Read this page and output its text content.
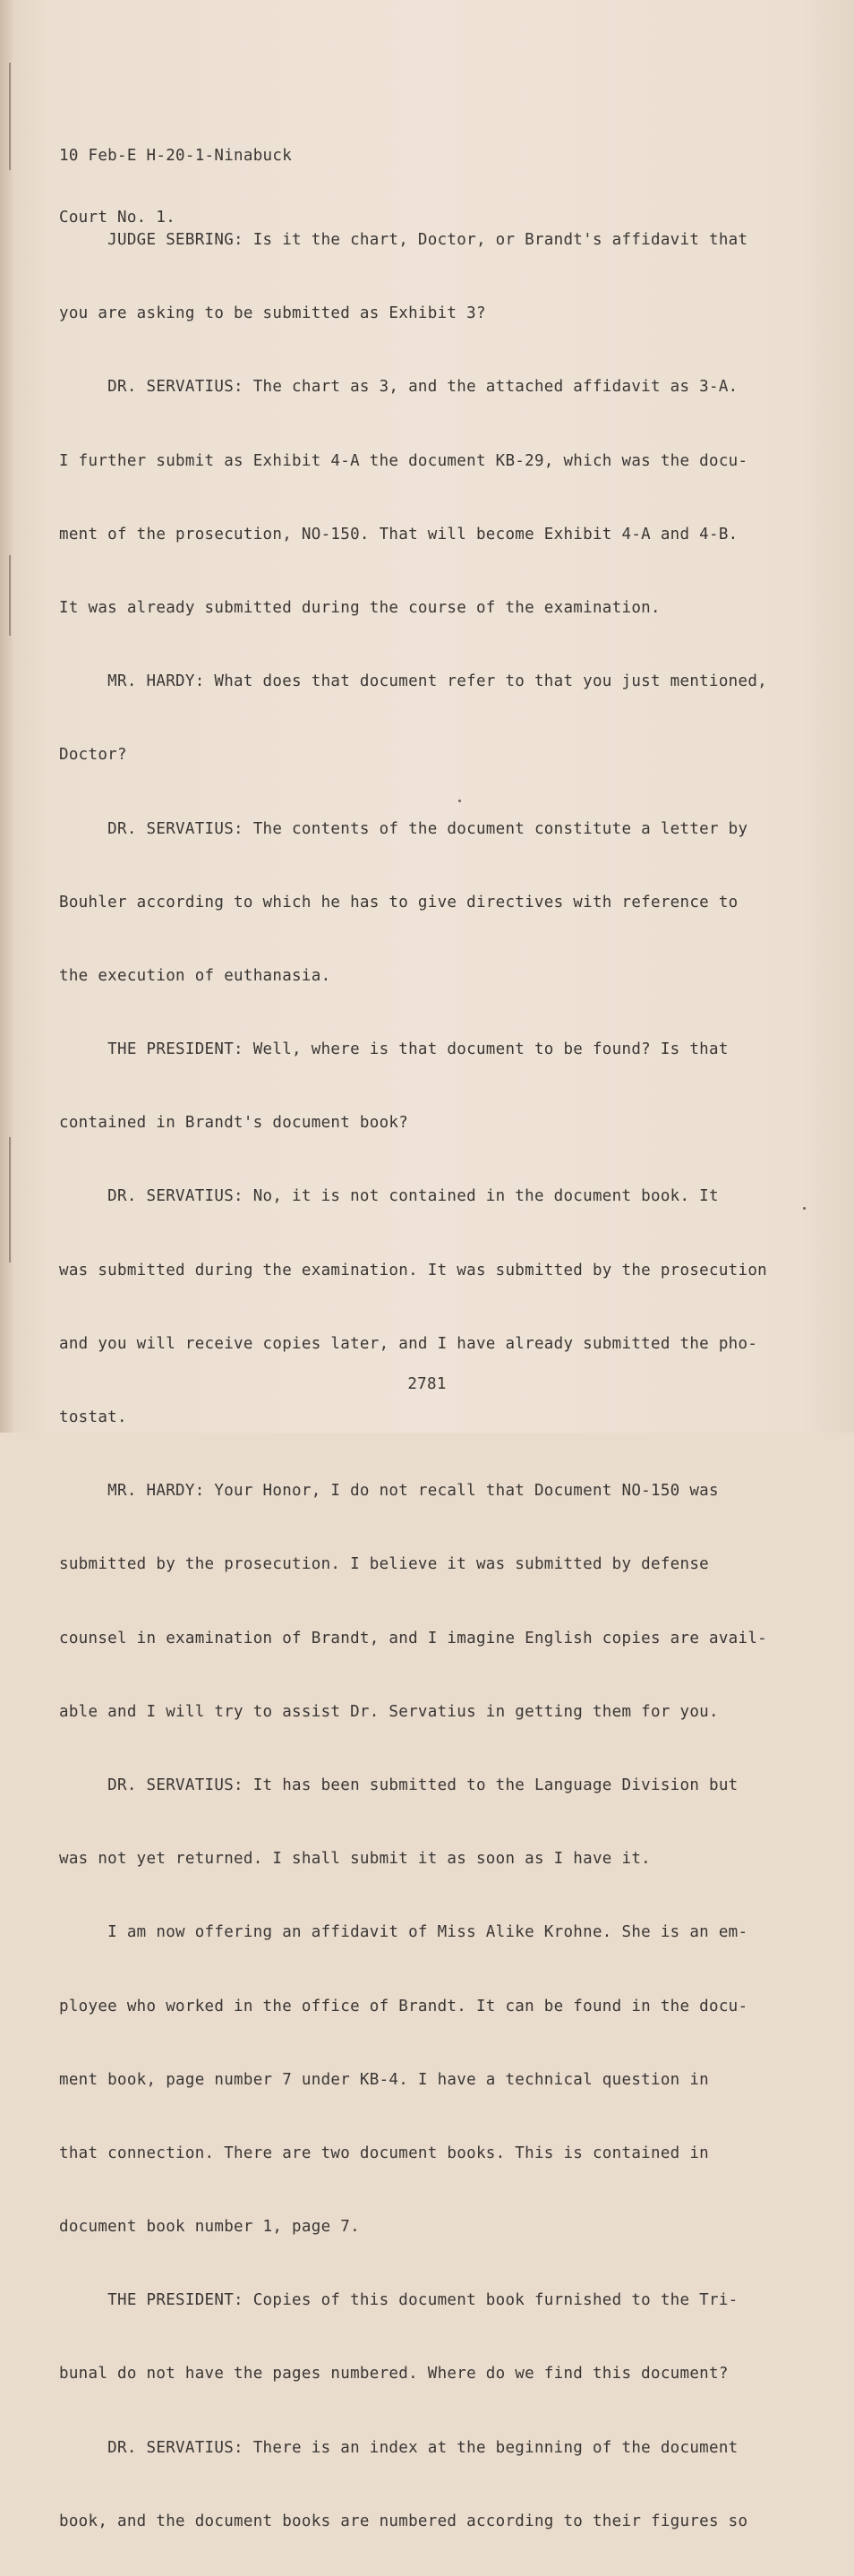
10 Feb-E H-20-1-Ninabuck

Court No. 1.

JUDGE SEBRING: Is it the chart, Doctor, or Brandt's affidavit that

you are asking to be submitted as Exhibit 3?

DR. SERVATIUS: The chart as 3, and the attached affidavit as 3-A.

I further submit as Exhibit 4-A the document KB-29, which was the docu-

ment of the prosecution, NO-150. That will become Exhibit 4-A and 4-B.

It was already submitted during the course of the examination.

MR. HARDY: What does that document refer to that you just mentioned,

Doctor?

DR. SERVATIUS: The contents of the document constitute a letter by

Bouhler according to which he has to give directives with reference to

the execution of euthanasia.

THE PRESIDENT: Well, where is that document to be found? Is that

contained in Brandt's document book?

DR. SERVATIUS: No, it is not contained in the document book. It

was submitted during the examination. It was submitted by the prosecution

and you will receive copies later, and I have already submitted the pho-

tostat.

MR. HARDY: Your Honor, I do not recall that Document NO-150 was

submitted by the prosecution. I believe it was submitted by defense

counsel in examination of Brandt, and I imagine English copies are avail-

able and I will try to assist Dr. Servatius in getting them for you.

DR. SERVATIUS: It has been submitted to the Language Division but

was not yet returned. I shall submit it as soon as I have it.

I am now offering an affidavit of Miss Alike Krohne. She is an em-

ployee who worked in the office of Brandt. It can be found in the docu-

ment book, page number 7 under KB-4. I have a technical question in

that connection. There are two document books. This is contained in

document book number 1, page 7.

THE PRESIDENT: Copies of this document book furnished to the Tri-

bunal do not have the pages numbered. Where do we find this document?

DR. SERVATIUS: There is an index at the beginning of the document

book, and the document books are numbered according to their figures so

2781
